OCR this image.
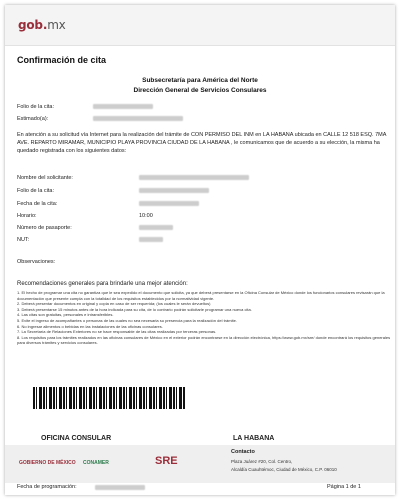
gob.mx
Confirmación de cita
Subsecretaría para América del Norte
Dirección General de Servicios Consulares
Folio de la cita:
Estimado(a):
En atención a su solicitud vía Internet para la realización del trámite de CON PERMISO DEL INM en LA HABANA ubicada en CALLE 12 518 ESQ. 7MA AVE. REPARTO MIRAMAR, MUNICIPIO PLAYA PROVINCIA CIUDAD DE LA HABANA , le comunicamos que de acuerdo a su elección, la misma ha quedado registrada con los siguientes datos:
Nombre del solicitante:
Folio de la cita:
Fecha de la cita:
Horario:	10:00
Número de pasaporte:
NUT:
Observaciones:
Recomendaciones generales para brindarle una mejor atención:
1. El hecho de programar una cita no garantiza que le sea expedido el documento que solicita, ya que deberá presentarse en la Oficina Consular de México donde los funcionarios consulares revisarán que la documentación que presente cumpla con la totalidad de los requisitos establecidos por la normatividad vigente.
2. Deberá presentar documentos en original y copia en caso de ser requerida; (los cuales le serán devueltos)
3. Deberá presentarse 15 minutos antes de la hora indicada para su cita, de lo contrario podrán solicitarle programar una nueva cita.
4. Las citas son gratuitas, personales e intransferibles.
5. Evite el ingreso de acompañantes o personas de las cuales no sea necesaria su presencia para la realización del trámite.
6. No ingresar alimentos o bebidas en las instalaciones de las oficinas consulares.
7. La Secretaría de Relaciones Exteriores no se hace responsable de las citas realizadas por terceras personas.
8. Los requisitos para los trámites realizados en las oficinas consulares de México en el exterior podrán encontrarse en la dirección electrónica, https://www.gob.mx/sre/ donde encontrará los requisitos generales para diversos trámites y servicios consulares.
OFICINA CONSULAR	LA HABANA
GOBIERNO DE MÉXICO CONAMER	SRE
Contacto
Plaza Juárez #20, Col. Centro,
Alcaldía Cuauhtémoc, Ciudad de México, C.P. 06010
Fecha de programación:	Página 1 de 1
